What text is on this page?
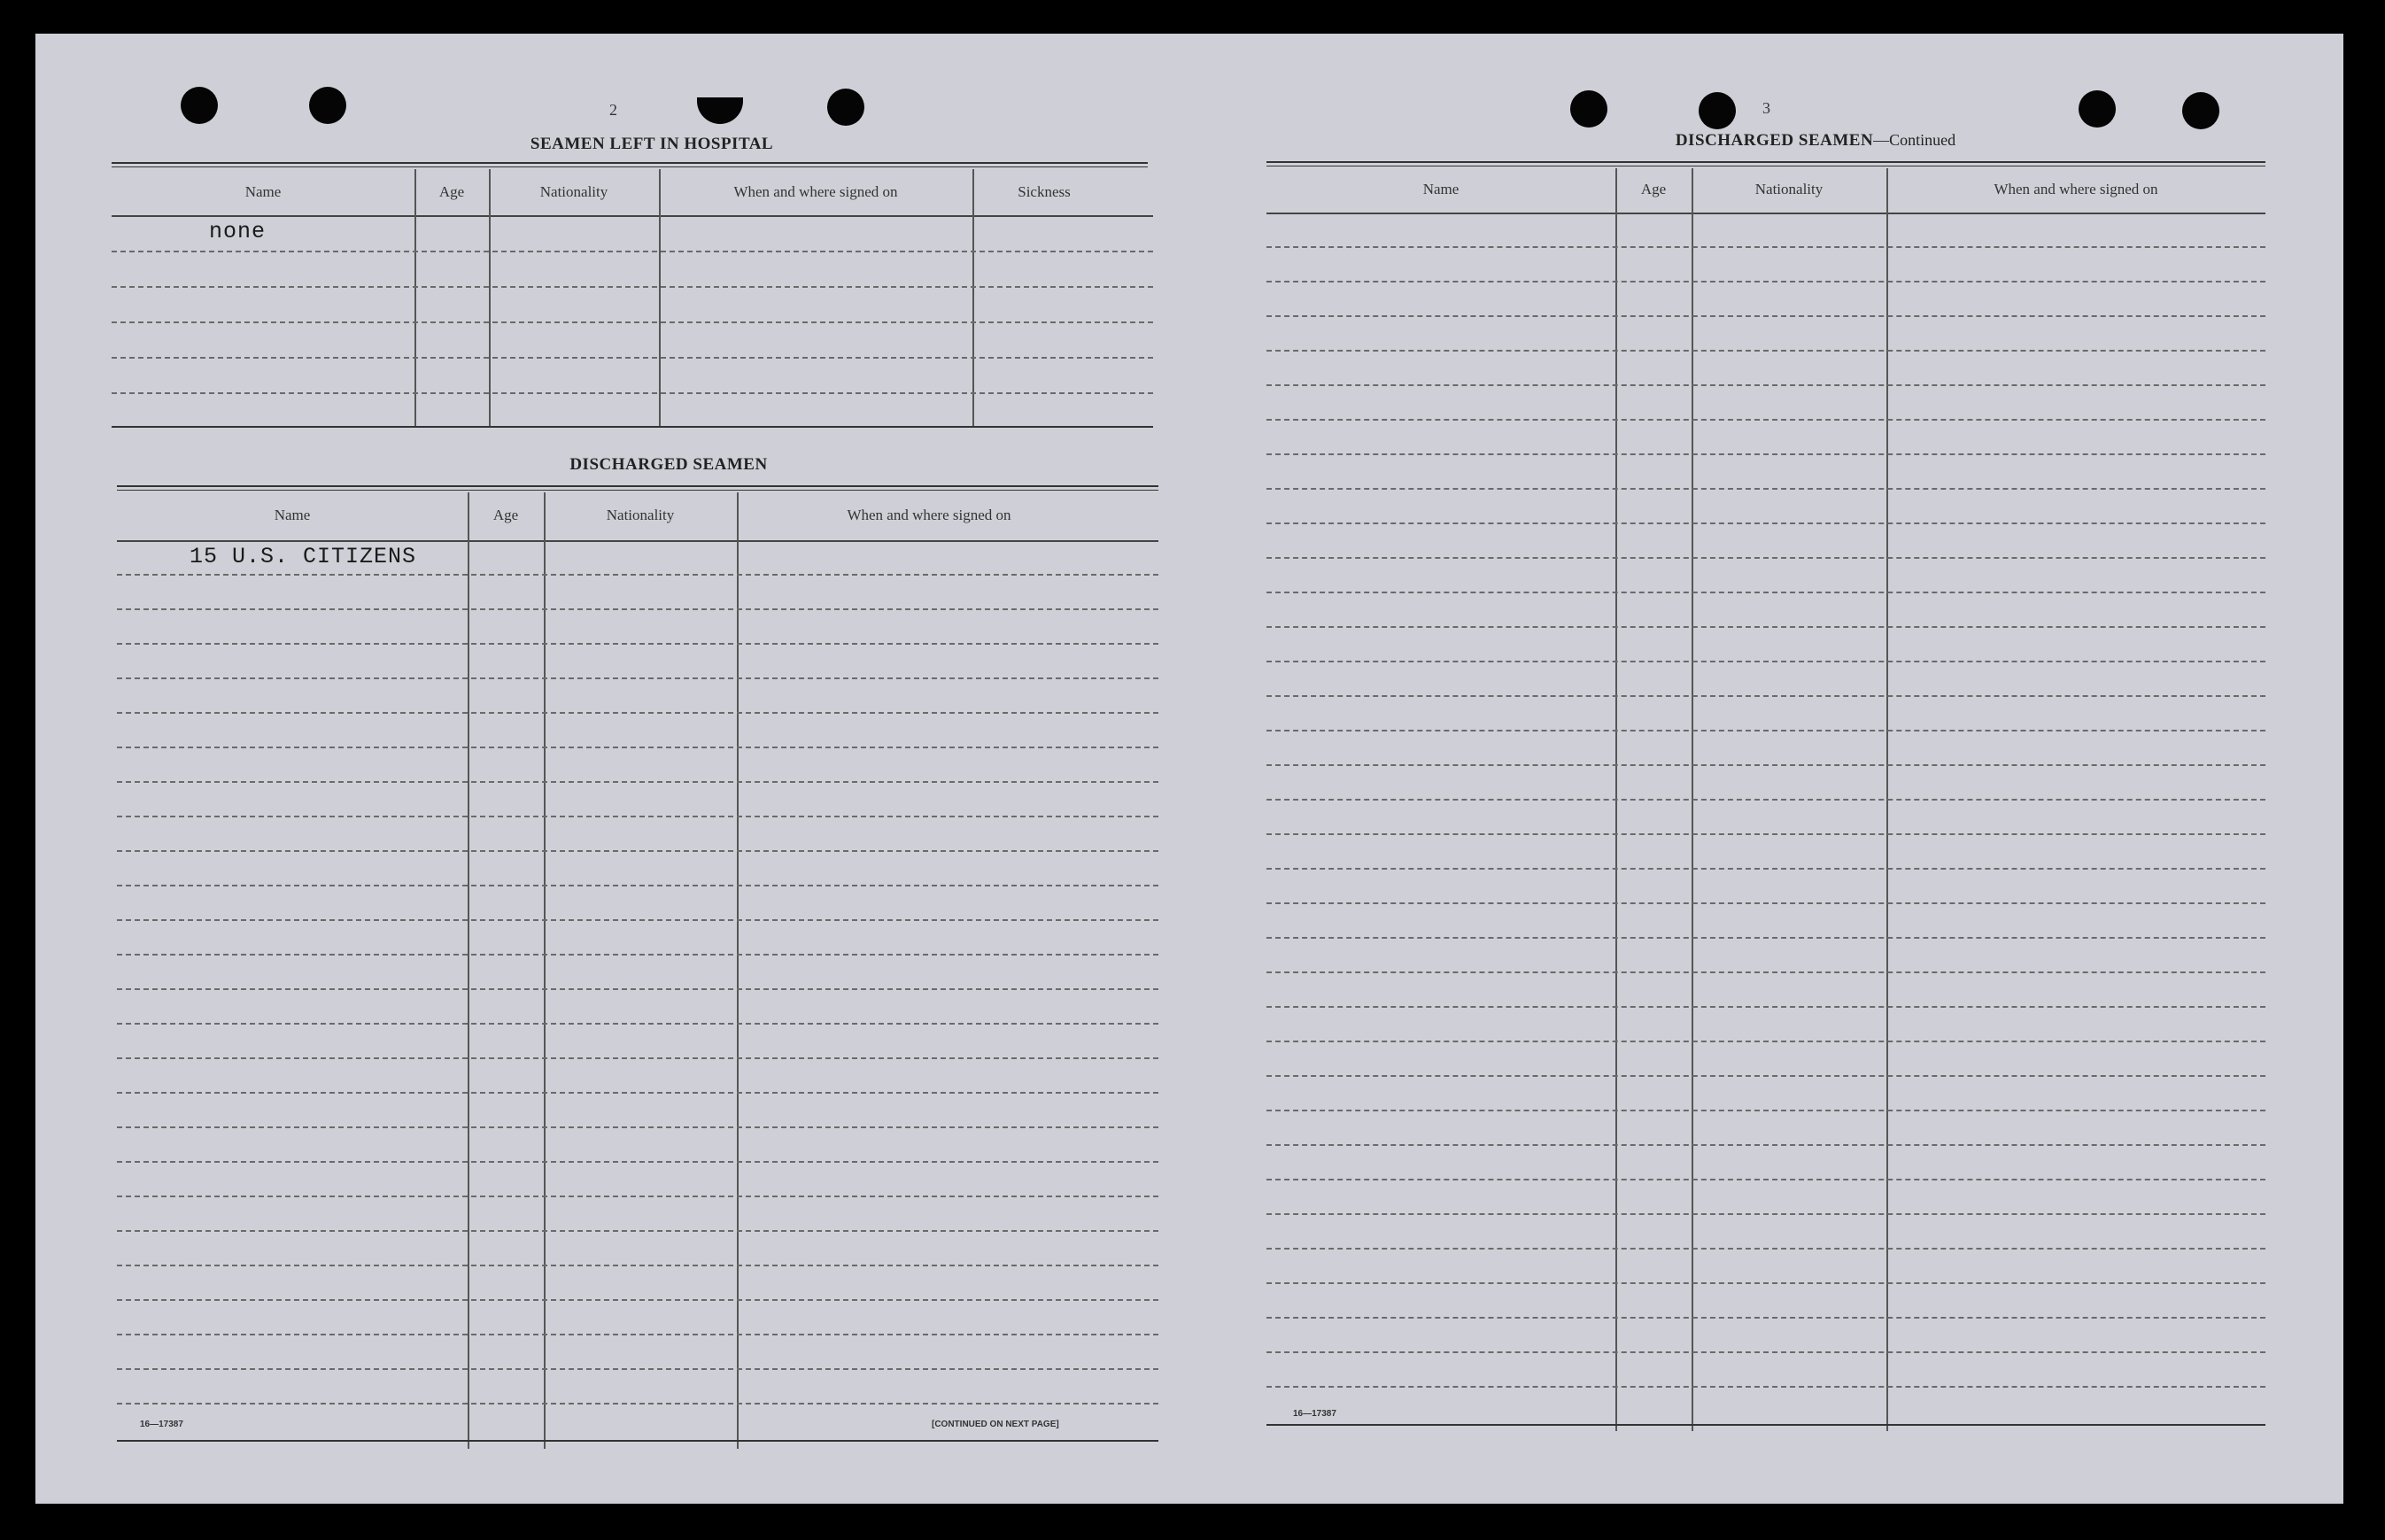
2
SEAMEN LEFT IN HOSPITAL
Name	Age	Nationality	When and where signed on	Sickness
none
DISCHARGED SEAMEN
Name	Age	Nationality	When and where signed on
15 U.S. CITIZENS
16—17387	[CONTINUED ON NEXT PAGE]
3
DISCHARGED SEAMEN—Continued
Name	Age	Nationality	When and where signed on
16—17387
